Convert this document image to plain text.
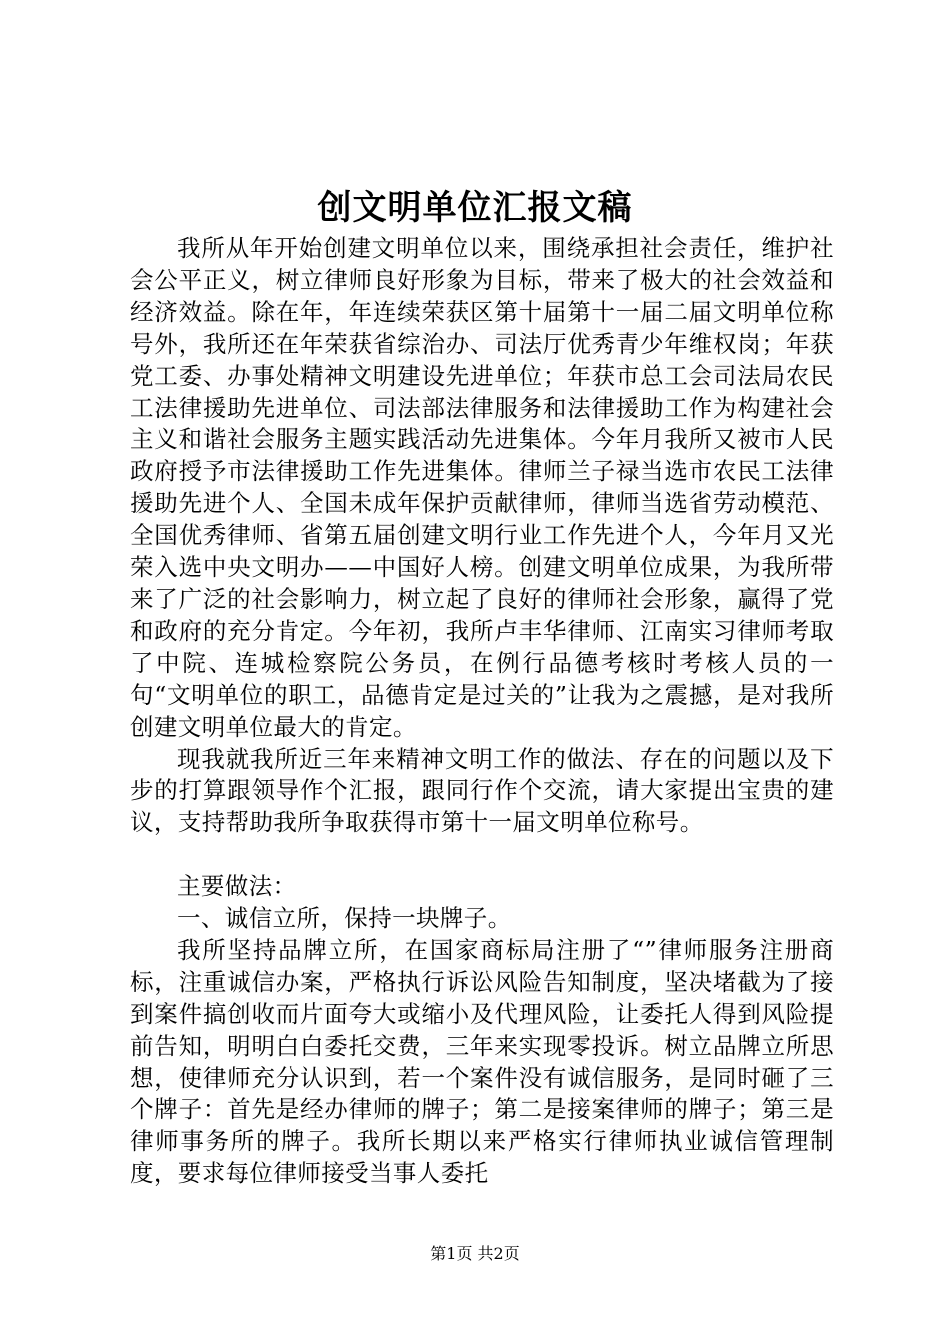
创文明单位汇报文稿

我所从年开始创建文明单位以来，围绕承担社会责任，维护社会公平正义，树立律师良好形象为目标，带来了极大的社会效益和经济效益。除在年，年连续荣获区第十届第十一届二届文明单位称号外，我所还在年荣获省综治办、司法厅优秀青少年维权岗；年获党工委、办事处精神文明建设先进单位；年获市总工会司法局农民工法律援助先进单位、司法部法律服务和法律援助工作为构建社会主义和谐社会服务主题实践活动先进集体。今年月我所又被市人民政府授予市法律援助工作先进集体。律师兰子禄当选市农民工法律援助先进个人、全国未成年保护贡献律师，律师当选省劳动模范、全国优秀律师、省第五届创建文明行业工作先进个人，今年月又光荣入选中央文明办——中国好人榜。创建文明单位成果，为我所带来了广泛的社会影响力，树立起了良好的律师社会形象，赢得了党和政府的充分肯定。今年初，我所卢丰华律师、江南实习律师考取了中院、连城检察院公务员，在例行品德考核时考核人员的一句“文明单位的职工，品德肯定是过关的”让我为之震撼，是对我所创建文明单位最大的肯定。

现我就我所近三年来精神文明工作的做法、存在的问题以及下步的打算跟领导作个汇报，跟同行作个交流，请大家提出宝贵的建议，支持帮助我所争取获得市第十一届文明单位称号。

主要做法：

一、诚信立所，保持一块牌子。

我所坚持品牌立所，在国家商标局注册了“”律师服务注册商标，注重诚信办案，严格执行诉讼风险告知制度，坚决堵截为了接到案件搞创收而片面夸大或缩小及代理风险，让委托人得到风险提前告知，明明白白委托交费，三年来实现零投诉。树立品牌立所思想，使律师充分认识到，若一个案件没有诚信服务，是同时砸了三个牌子：首先是经办律师的牌子；第二是接案律师的牌子；第三是律师事务所的牌子。我所长期以来严格实行律师执业诚信管理制度，要求每位律师接受当事人委托

第1页 共2页
